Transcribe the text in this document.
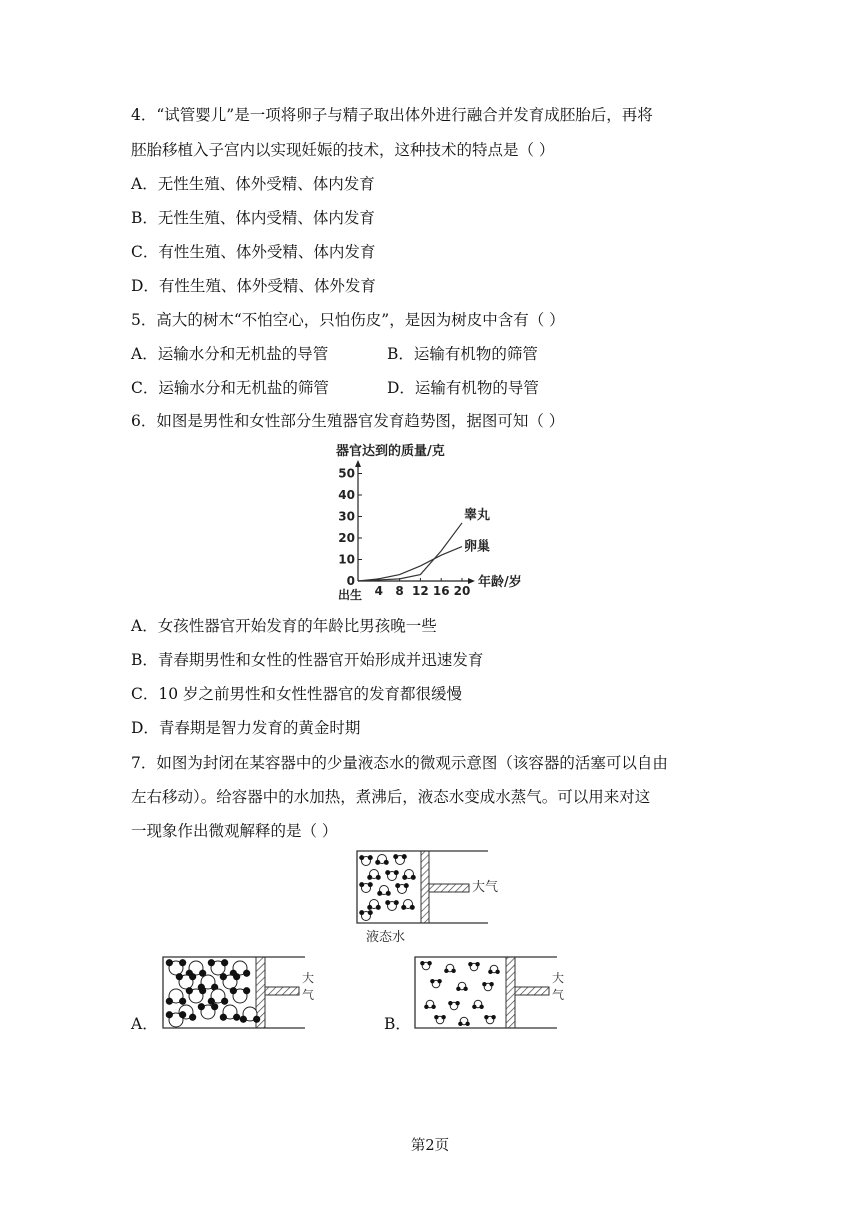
4．“试管婴儿”是一项将卵子与精子取出体外进行融合并发育成胚胎后，再将
胚胎移植入子宫内以实现妊娠的技术，这种技术的特点是（ ）
A．无性生殖、体外受精、体内发育
B．无性生殖、体内受精、体内发育
C．有性生殖、体外受精、体内发育
D．有性生殖、体外受精、体外发育
5．高大的树木“不怕空心，只怕伤皮”，是因为树皮中含有（ ）
A．运输水分和无机盐的导管	B．运输有机物的筛管
C．运输水分和无机盐的筛管	D．运输有机物的导管
6．如图是男性和女性部分生殖器官发育趋势图，据图可知（ ）
器官达到的质量/克
年龄/岁
出生
0
10
20
30
40
50
4 8 12 16 20
睾丸
卵巢
A．女孩性器官开始发育的年龄比男孩晚一些
B．青春期男性和女性的性器官开始形成并迅速发育
C．10 岁之前男性和女性性器官的发育都很缓慢
D．青春期是智力发育的黄金时期
7．如图为封闭在某容器中的少量液态水的微观示意图（该容器的活塞可以自由
左右移动）。给容器中的水加热，煮沸后，液态水变成水蒸气。可以用来对这
一现象作出微观解释的是（ ）
大气
液态水
A．
大
气
B．
大
气
第2页
